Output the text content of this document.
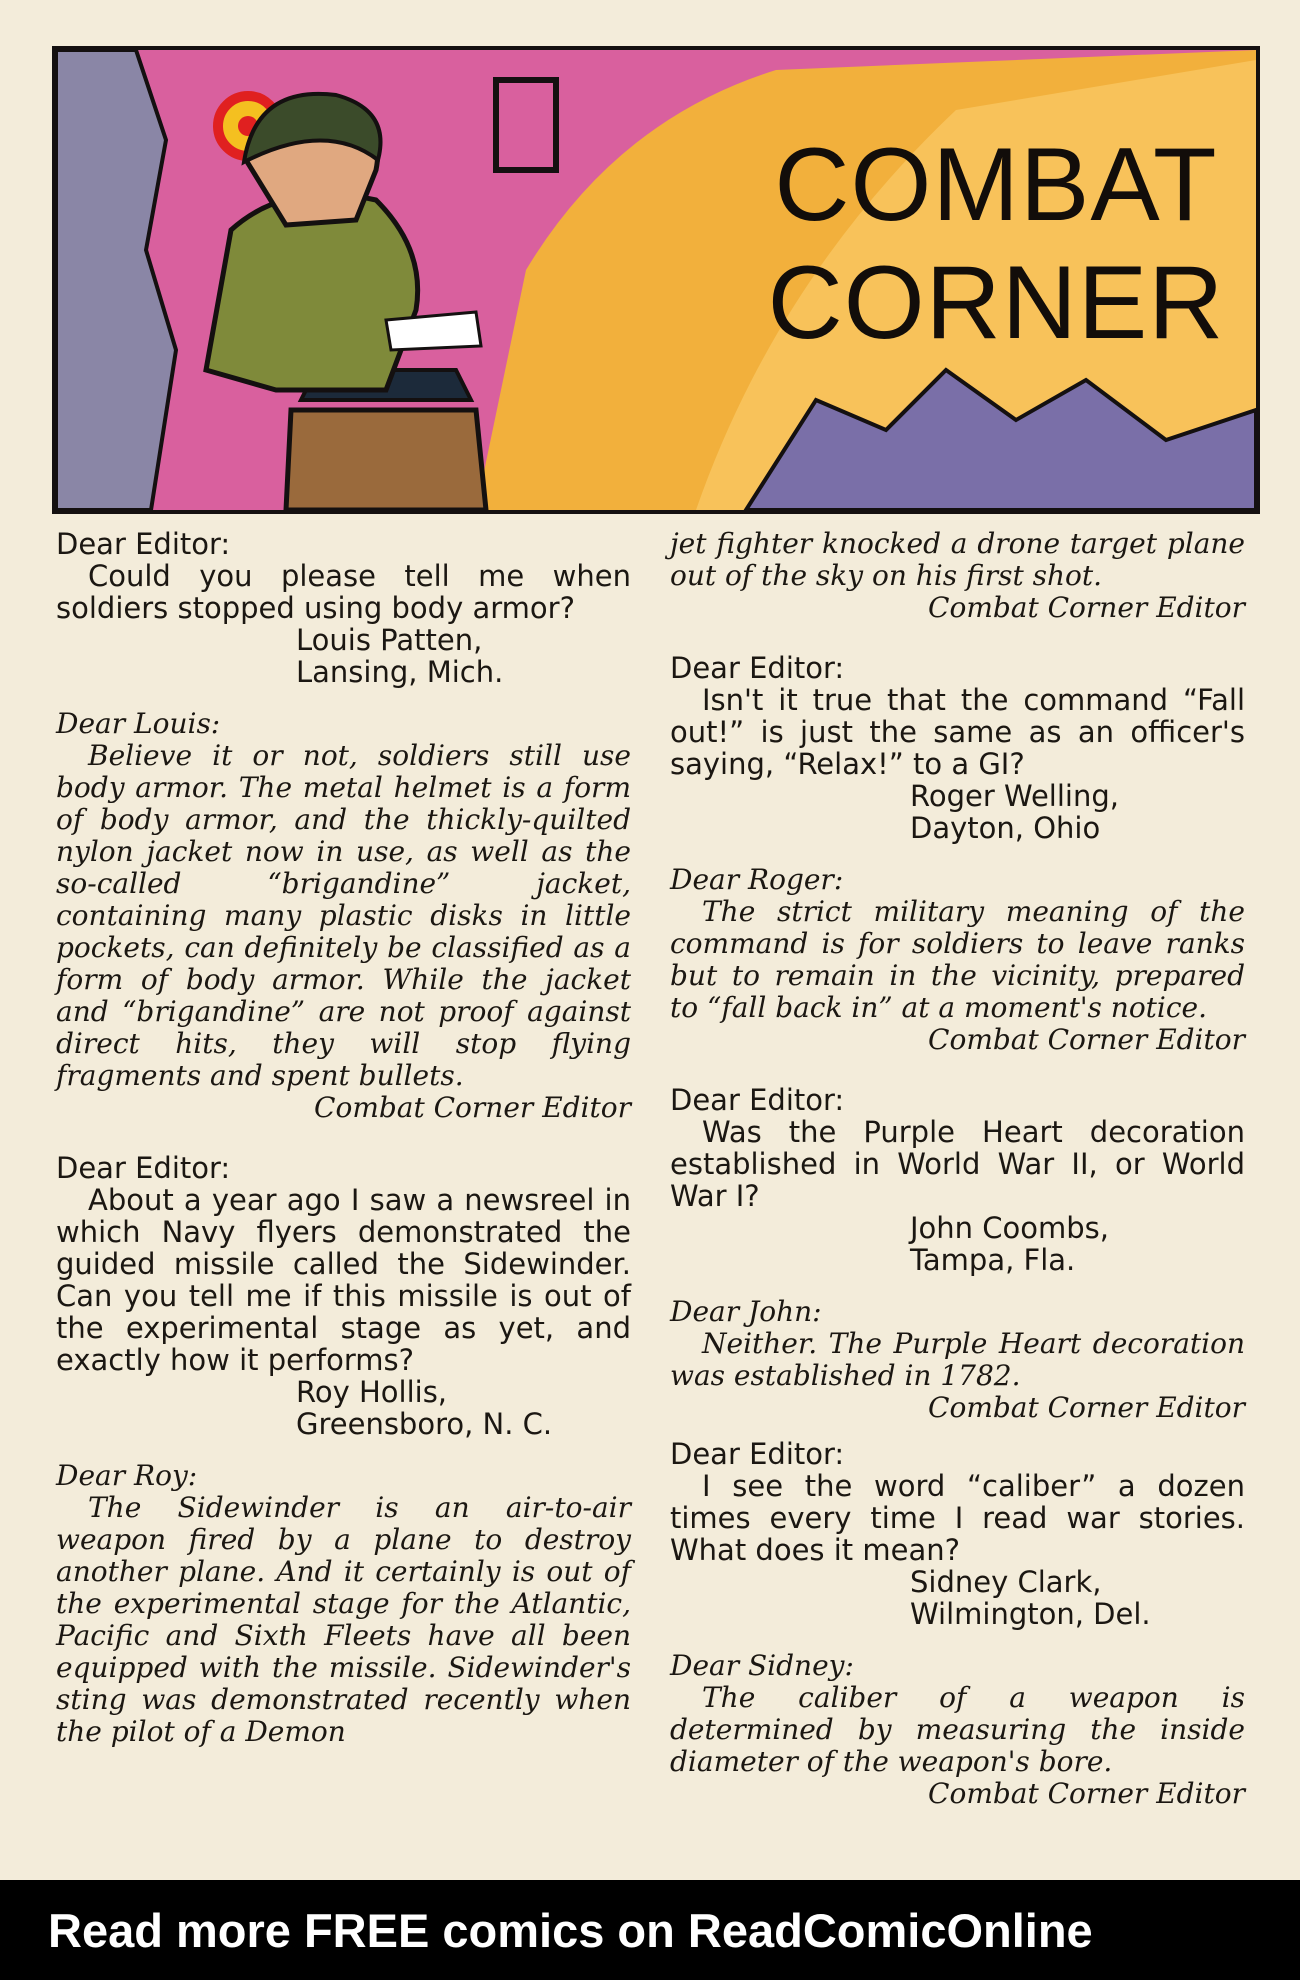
COMBAT
CORNER

Dear Editor:

Could you please tell me when soldiers stopped using body armor?

Louis Patten,

Lansing, Mich.

Dear Louis:

Believe it or not, soldiers still use body armor. The metal helmet is a form of body armor, and the thickly-quilted nylon jacket now in use, as well as the so-called “brigandine” jacket, containing many plastic disks in little pockets, can definitely be classified as a form of body armor. While the jacket and “brigandine” are not proof against direct hits, they will stop flying fragments and spent bullets.

Combat Corner Editor

Dear Editor:

About a year ago I saw a newsreel in which Navy flyers demonstrated the guided missile called the Sidewinder. Can you tell me if this missile is out of the experimental stage as yet, and exactly how it performs?

Roy Hollis,

Greensboro, N. C.

Dear Roy:

The Sidewinder is an air-to-air weapon fired by a plane to destroy another plane. And it certainly is out of the experimental stage for the Atlantic, Pacific and Sixth Fleets have all been equipped with the missile. Sidewinder's sting was demonstrated recently when the pilot of a Demon

jet fighter knocked a drone target plane out of the sky on his first shot.

Combat Corner Editor

Dear Editor:

Isn't it true that the command “Fall out!” is just the same as an officer's saying, “Relax!” to a GI?

Roger Welling,

Dayton, Ohio

Dear Roger:

The strict military meaning of the command is for soldiers to leave ranks but to remain in the vicinity, prepared to “fall back in” at a moment's notice.

Combat Corner Editor

Dear Editor:

Was the Purple Heart decoration established in World War II, or World War I?

John Coombs,

Tampa, Fla.

Dear John:

Neither. The Purple Heart decoration was established in 1782.

Combat Corner Editor

Dear Editor:

I see the word “caliber” a dozen times every time I read war stories. What does it mean?

Sidney Clark,

Wilmington, Del.

Dear Sidney:

The caliber of a weapon is determined by measuring the inside diameter of the weapon's bore.

Combat Corner Editor

Read more FREE comics on ReadComicOnline
